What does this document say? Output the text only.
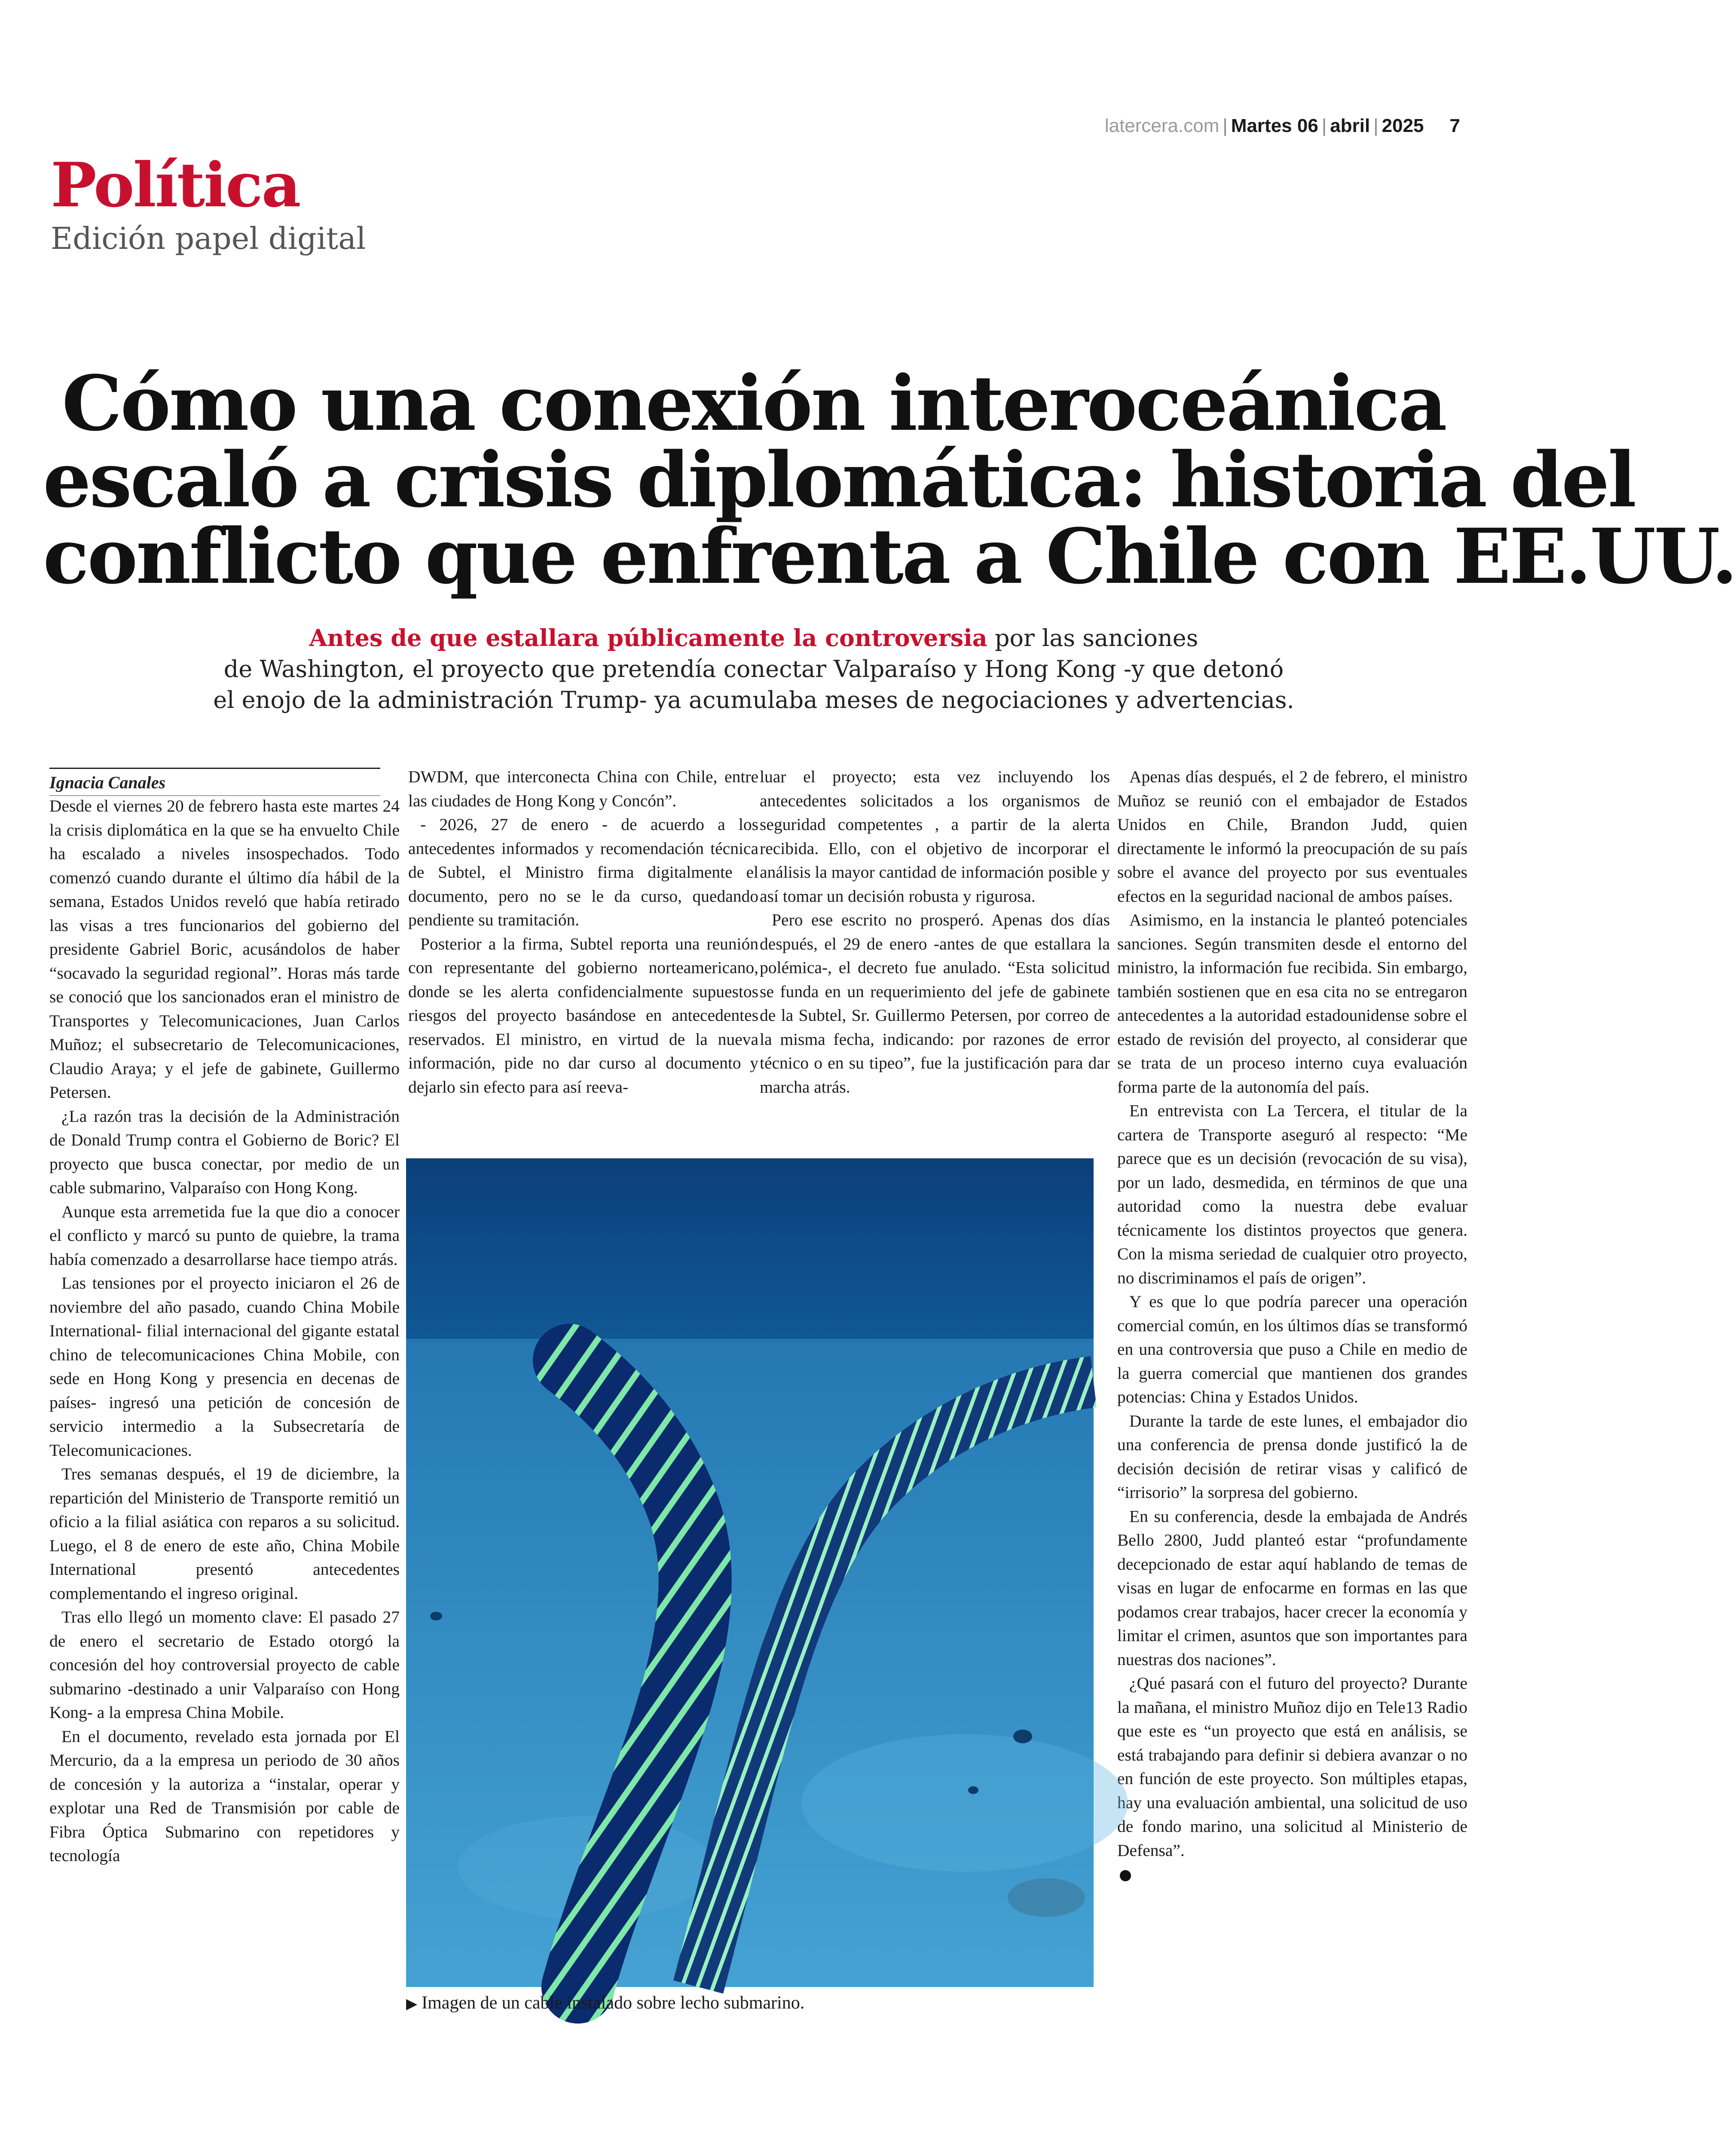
latercera.com | Martes 06 | abril | 2025 7
Política
Edición papel digital
Cómo una conexión interoceánica
escaló a crisis diplomática: historia del
conflicto que enfrenta a Chile con EE.UU.
Antes de que estallara públicamente la controversia por las sanciones
de Washington, el proyecto que pretendía conectar Valparaíso y Hong Kong -y que detonó
el enojo de la administración Trump- ya acumulaba meses de negociaciones y advertencias.
Ignacia Canales

Desde el viernes 20 de febrero hasta este martes 24 la crisis diplomática en la que se ha envuelto Chile ha escalado a niveles insospechados. Todo comenzó cuando durante el último día hábil de la semana, Estados Unidos reveló que había retirado las visas a tres funcionarios del gobierno del presidente Gabriel Boric, acusándolos de haber “socavado la seguridad regional”. Horas más tarde se conoció que los sancionados eran el ministro de Transportes y Telecomunicaciones, Juan Carlos Muñoz; el subsecretario de Telecomunicaciones, Claudio Araya; y el jefe de gabinete, Guillermo Petersen.

¿La razón tras la decisión de la Administración de Donald Trump contra el Gobierno de Boric? El proyecto que busca conectar, por medio de un cable submarino, Valparaíso con Hong Kong.

Aunque esta arremetida fue la que dio a conocer el conflicto y marcó su punto de quiebre, la trama había comenzado a desarrollarse hace tiempo atrás.

Las tensiones por el proyecto iniciaron el 26 de noviembre del año pasado, cuando China Mobile International- filial internacional del gigante estatal chino de telecomunicaciones China Mobile, con sede en Hong Kong y presencia en decenas de países- ingresó una petición de concesión de servicio intermedio a la Subsecretaría de Telecomunicaciones.

Tres semanas después, el 19 de diciembre, la repartición del Ministerio de Transporte remitió un oficio a la filial asiática con reparos a su solicitud. Luego, el 8 de enero de este año, China Mobile International presentó antecedentes complementando el ingreso original.

Tras ello llegó un momento clave: El pasado 27 de enero el secretario de Estado otorgó la concesión del hoy controversial proyecto de cable submarino -destinado a unir Valparaíso con Hong Kong- a la empresa China Mobile.

En el documento, revelado esta jornada por El Mercurio, da a la empresa un periodo de 30 años de concesión y la autoriza a “instalar, operar y explotar una Red de Transmisión por cable de Fibra Óptica Submarino con repetidores y tecnología

DWDM, que interconecta China con Chile, entre las ciudades de Hong Kong y Concón”.

- 2026, 27 de enero - de acuerdo a los antecedentes informados y recomendación técnica de Subtel, el Ministro firma digitalmente el documento, pero no se le da curso, quedando pendiente su tramitación.

Posterior a la firma, Subtel reporta una reunión con representante del gobierno norteamericano, donde se les alerta confidencialmente supuestos riesgos del proyecto basándose en antecedentes reservados. El ministro, en virtud de la nueva información, pide no dar curso al documento y dejarlo sin efecto para así reeva-

luar el proyecto; esta vez incluyendo los antecedentes solicitados a los organismos de seguridad competentes , a partir de la alerta recibida. Ello, con el objetivo de incorporar el análisis la mayor cantidad de información posible y así tomar un decisión robusta y rigurosa.

Pero ese escrito no prosperó. Apenas dos días después, el 29 de enero -antes de que estallara la polémica-, el decreto fue anulado. “Esta solicitud se funda en un requerimiento del jefe de gabinete de la Subtel, Sr. Guillermo Petersen, por correo de la misma fecha, indicando: por razones de error técnico o en su tipeo”, fue la justificación para dar marcha atrás.

Apenas días después, el 2 de febrero, el ministro Muñoz se reunió con el embajador de Estados Unidos en Chile, Brandon Judd, quien directamente le informó la preocupación de su país sobre el avance del proyecto por sus eventuales efectos en la seguridad nacional de ambos países.

Asimismo, en la instancia le planteó potenciales sanciones. Según transmiten desde el entorno del ministro, la información fue recibida. Sin embargo, también sostienen que en esa cita no se entregaron antecedentes a la autoridad estadounidense sobre el estado de revisión del proyecto, al considerar que se trata de un proceso interno cuya evaluación forma parte de la autonomía del país.

En entrevista con La Tercera, el titular de la cartera de Transporte aseguró al respecto: “Me parece que es un decisión (revocación de su visa), por un lado, desmedida, en términos de que una autoridad como la nuestra debe evaluar técnicamente los distintos proyectos que genera. Con la misma seriedad de cualquier otro proyecto, no discriminamos el país de origen”.

Y es que lo que podría parecer una operación comercial común, en los últimos días se transformó en una controversia que puso a Chile en medio de la guerra comercial que mantienen dos grandes potencias: China y Estados Unidos.

Durante la tarde de este lunes, el embajador dio una conferencia de prensa donde justificó la de decisión decisión de retirar visas y calificó de “irrisorio” la sorpresa del gobierno.

En su conferencia, desde la embajada de Andrés Bello 2800, Judd planteó estar “profundamente decepcionado de estar aquí hablando de temas de visas en lugar de enfocarme en formas en las que podamos crear trabajos, hacer crecer la economía y limitar el crimen, asuntos que son importantes para nuestras dos naciones”.

¿Qué pasará con el futuro del proyecto? Durante la mañana, el ministro Muñoz dijo en Tele13 Radio que este es “un proyecto que está en análisis, se está trabajando para definir si debiera avanzar o no en función de este proyecto. Son múltiples etapas, hay una evaluación ambiental, una solicitud de uso de fondo marino, una solicitud al Ministerio de Defensa”.

▶ Imagen de un cable instalado sobre lecho submarino.
